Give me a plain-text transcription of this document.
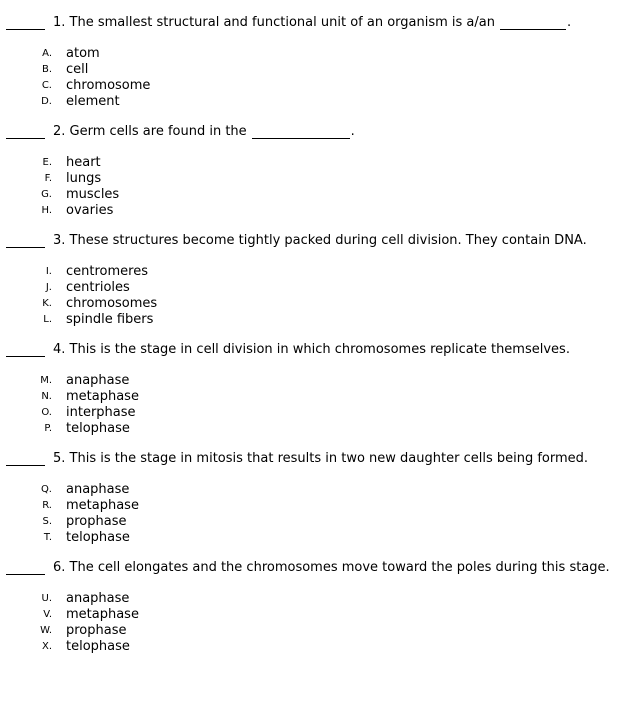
1. The smallest structural and functional unit of an organism is a/an	.
A. atom
B. cell
C. chromosome
D. element
2. Germ cells are found in the	.
E. heart
F. lungs
G. muscles
H. ovaries
3. These structures become tightly packed during cell division. They contain DNA.
I. centromeres
J. centrioles
K. chromosomes
L. spindle fibers
4. This is the stage in cell division in which chromosomes replicate themselves.
M. anaphase
N. metaphase
O. interphase
P. telophase
5. This is the stage in mitosis that results in two new daughter cells being formed.
Q. anaphase
R. metaphase
S. prophase
T. telophase
6. The cell elongates and the chromosomes move toward the poles during this stage.
U. anaphase
V. metaphase
W. prophase
X. telophase
